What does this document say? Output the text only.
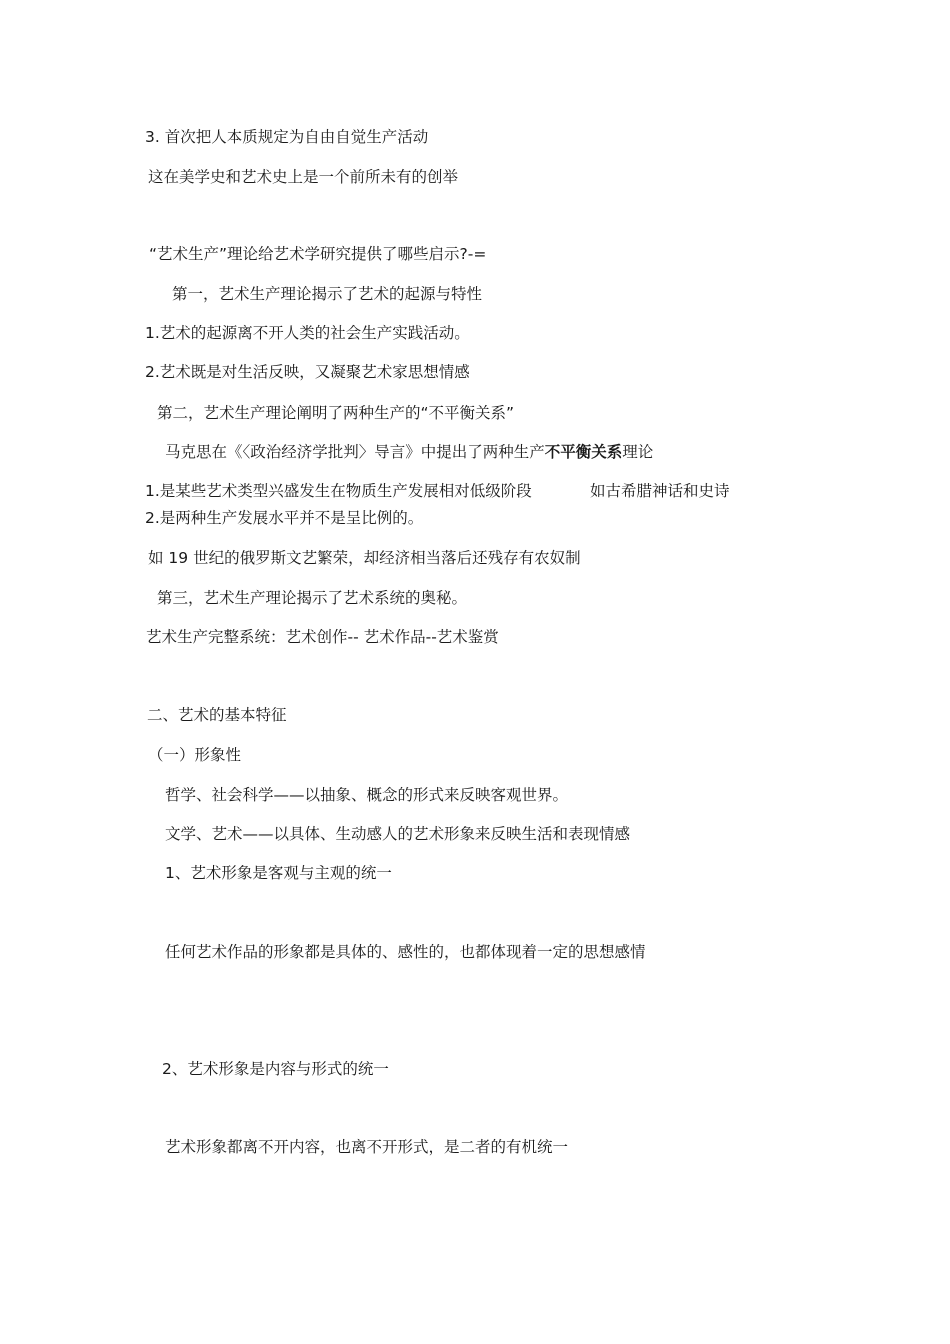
3. 首次把人本质规定为自由自觉生产活动
这在美学史和艺术史上是一个前所未有的创举
“艺术生产”理论给艺术学研究提供了哪些启示?-=
第一，艺术生产理论揭示了艺术的起源与特性
1.艺术的起源离不开人类的社会生产实践活动。
2.艺术既是对生活反映，又凝聚艺术家思想情感
第二，艺术生产理论阐明了两种生产的“不平衡关系”
马克思在《〈政治经济学批判〉导言》中提出了两种生产不平衡关系理论
1.是某些艺术类型兴盛发生在物质生产发展相对低级阶段	如古希腊神话和史诗
2.是两种生产发展水平并不是呈比例的。
如 19 世纪的俄罗斯文艺繁荣，却经济相当落后还残存有农奴制
第三，艺术生产理论揭示了艺术系统的奥秘。
艺术生产完整系统：艺术创作-- 艺术作品--艺术鉴赏
二、艺术的基本特征
（一）形象性
哲学、社会科学——以抽象、概念的形式来反映客观世界。
文学、艺术——以具体、生动感人的艺术形象来反映生活和表现情感
1、艺术形象是客观与主观的统一
任何艺术作品的形象都是具体的、感性的，也都体现着一定的思想感情
2、艺术形象是内容与形式的统一
艺术形象都离不开内容，也离不开形式，是二者的有机统一
